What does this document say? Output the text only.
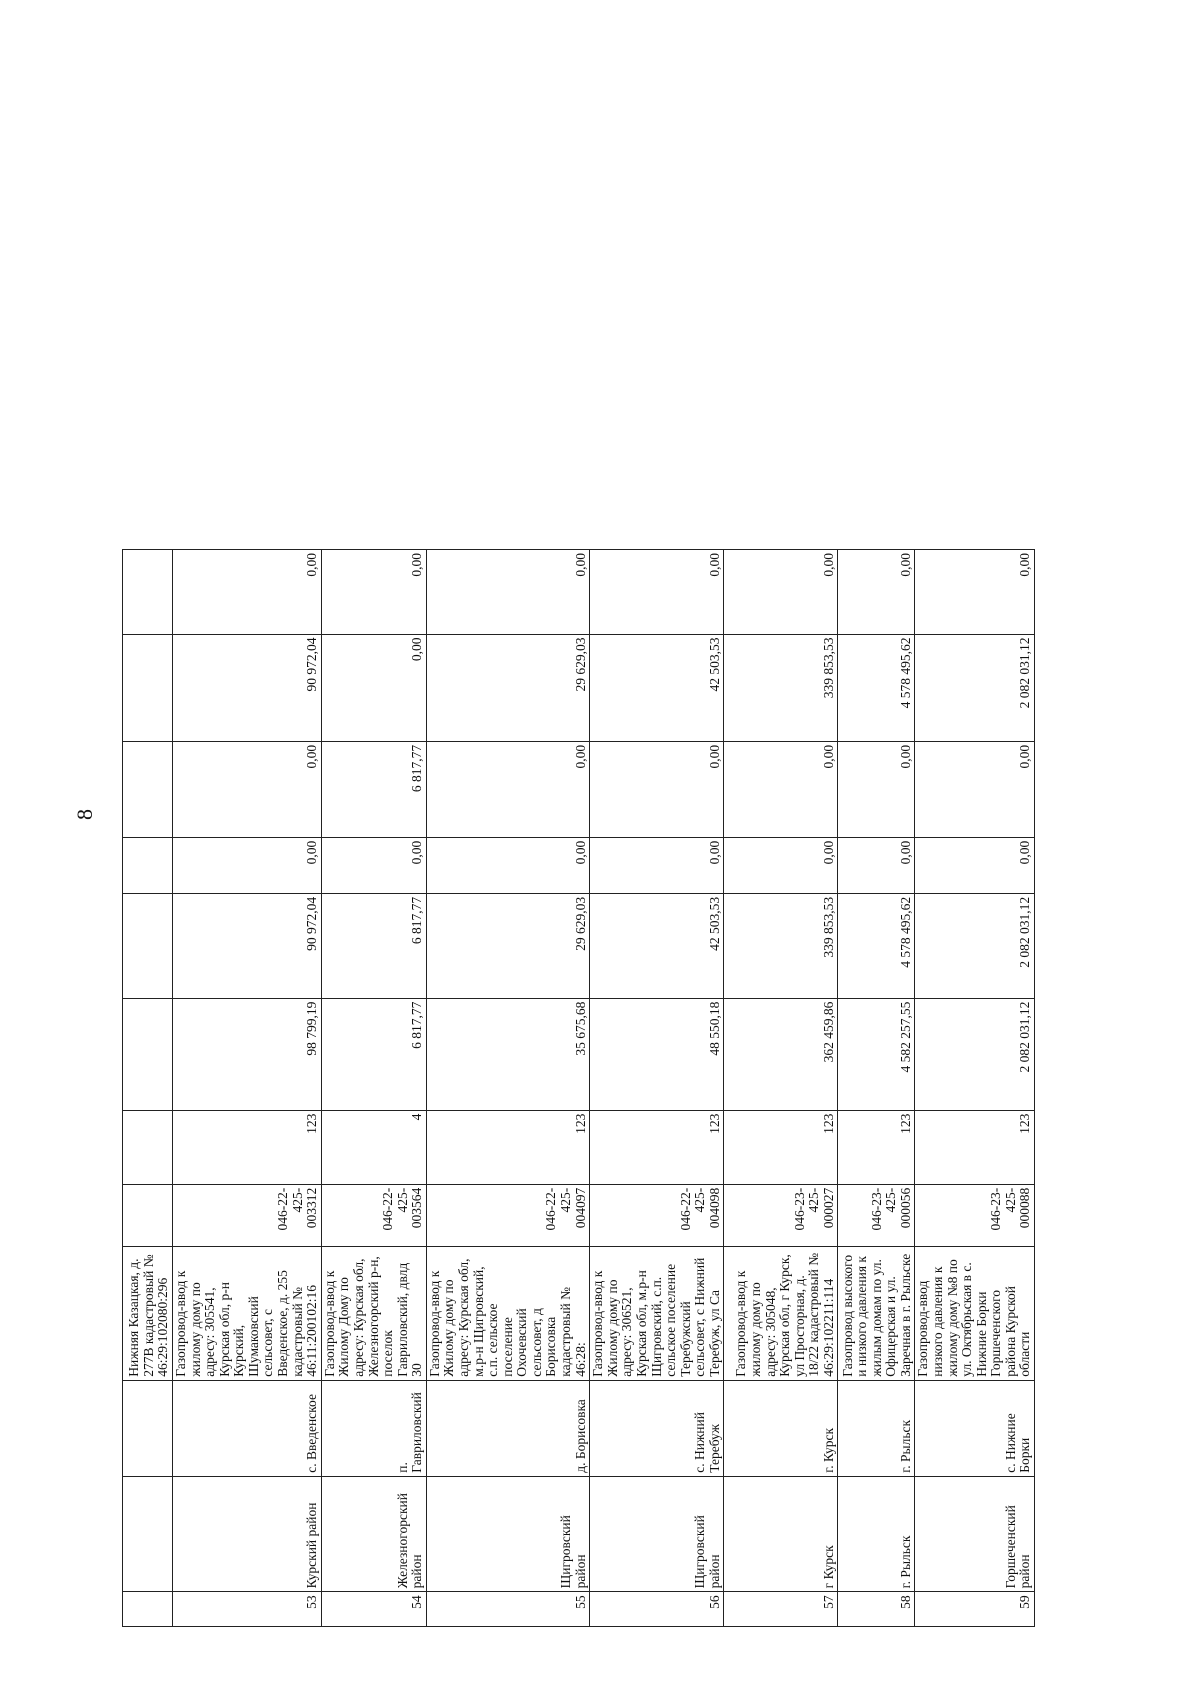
8
			Нижняя Казацкая, д. 277В кадастровый № 46:29:102080:296								
53	Курский район	с. Введенское	Газопровод-ввод к жилому дому по адресу: 305541, Курская обл, р-н Курский, Шумаковский сельсовет, с Введенское, д. 255 кадастровый № 46:11:200102:16	046-22-425-003312	123	98 799,19	90 972,04	0,00	0,00	90 972,04	0,00
54	Железногорский район	п. Гавриловский	Газопровод-ввод к Жилому Дому по адресу: Курская обл, Железногорский р-н, поселок Гавриловский, двлд 30	046-22-425-003564	4	6 817,77	6 817,77	0,00	6 817,77	0,00	0,00
55	Щигровский район	д. Борисовка	Газопровод-ввод к Жилому дому по адресу: Курская обл, м.р-н Щигровский, с.п. сельское поселение Охочевский сельсовет, д Борисовка кадастровый № 46:28:	046-22-425-004097	123	35 675,68	29 629,03	0,00	0,00	29 629,03	0,00
56	Щигровский район	с. Нижний Теребуж	Газопровод-ввод к Жилому дому по адресу: 306521, Курская обл, м.р-н Щигровский, с.п. сельское поселение Теребужский сельсовет, с Нижний Теребуж, ул Са	046-22-425-004098	123	48 550,18	42 503,53	0,00	0,00	42 503,53	0,00
57	г Курск	г. Курск	Газопровод-ввод к жилому дому по адресу: 305048, Курская обл, г Курск, ул Просторная, д. 18/22 кадастровый № 46:29:102211:114	046-23-425-000027	123	362 459,86	339 853,53	0,00	0,00	339 853,53	0,00
58	г. Рыльск	г. Рыльск	Газопровод высокого и низкого давления к жилым домам по ул. Офицерская и ул. Заречная в г. Рыльске	046-23-425-000056	123	4 582 257,55	4 578 495,62	0,00	0,00	4 578 495,62	0,00
59	Горшеченский район	с. Нижние Борки	Газопровод-ввод низкого давления к жилому дому №8 по ул. Октябрьская в с. Нижние Борки Горшеченского района Курской области	046-23-425-000088	123	2 082 031,12	2 082 031,12	0,00	0,00	2 082 031,12	0,00
